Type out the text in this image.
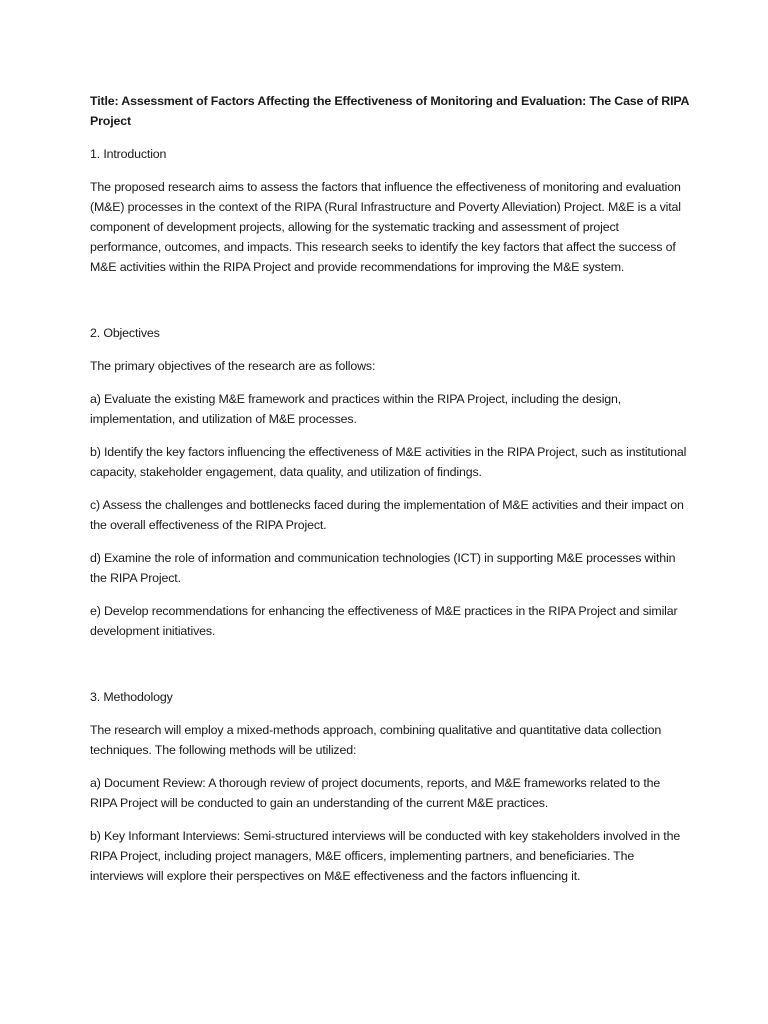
Title: Assessment of Factors Affecting the Effectiveness of Monitoring and Evaluation: The Case of RIPA Project

1. Introduction

The proposed research aims to assess the factors that influence the effectiveness of monitoring and evaluation (M&E) processes in the context of the RIPA (Rural Infrastructure and Poverty Alleviation) Project. M&E is a vital component of development projects, allowing for the systematic tracking and assessment of project performance, outcomes, and impacts. This research seeks to identify the key factors that affect the success of M&E activities within the RIPA Project and provide recommendations for improving the M&E system.

2. Objectives

The primary objectives of the research are as follows:

a) Evaluate the existing M&E framework and practices within the RIPA Project, including the design, implementation, and utilization of M&E processes.

b) Identify the key factors influencing the effectiveness of M&E activities in the RIPA Project, such as institutional capacity, stakeholder engagement, data quality, and utilization of findings.

c) Assess the challenges and bottlenecks faced during the implementation of M&E activities and their impact on the overall effectiveness of the RIPA Project.

d) Examine the role of information and communication technologies (ICT) in supporting M&E processes within the RIPA Project.

e) Develop recommendations for enhancing the effectiveness of M&E practices in the RIPA Project and similar development initiatives.

3. Methodology

The research will employ a mixed-methods approach, combining qualitative and quantitative data collection techniques. The following methods will be utilized:

a) Document Review: A thorough review of project documents, reports, and M&E frameworks related to the RIPA Project will be conducted to gain an understanding of the current M&E practices.

b) Key Informant Interviews: Semi-structured interviews will be conducted with key stakeholders involved in the RIPA Project, including project managers, M&E officers, implementing partners, and beneficiaries. The interviews will explore their perspectives on M&E effectiveness and the factors influencing it.
